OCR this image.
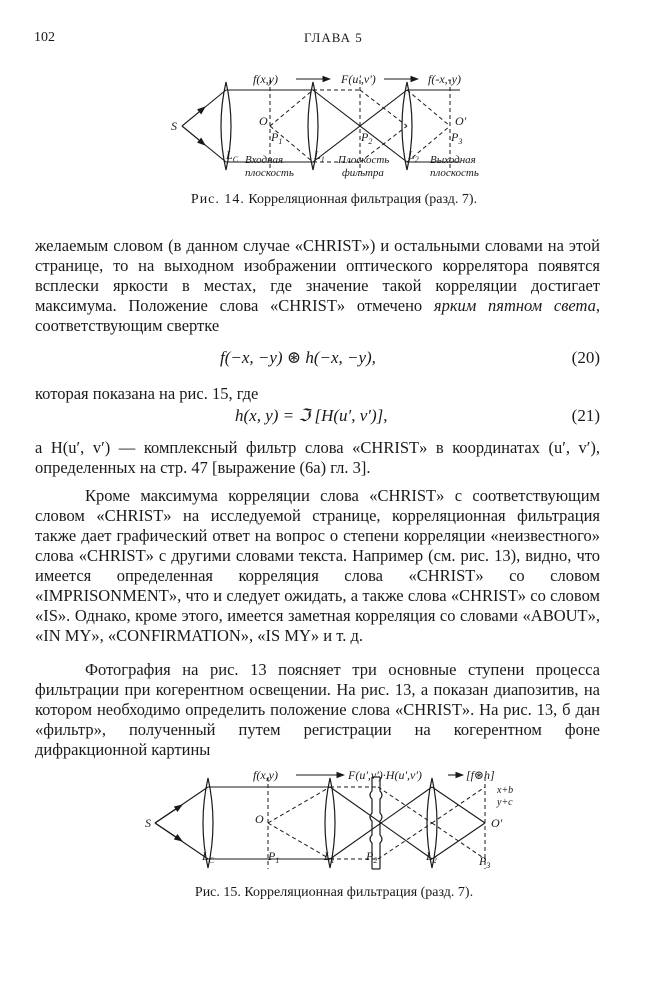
102	ГЛАВА 5
f(x,y)	F(u',v')	f(-x,-y)
S	O	O'
$P_1$	$P_2$	$P_3$
$L_C$	$L_1$	$L_2$
Входная
плоскость
Плоскость
фильтра
Выходная
плоскость
Рис. 14. Корреляционная фильтрация (разд. 7).

желаемым словом (в данном случае «CHRIST») и остальными словами на этой странице, то на выходном изображении оптического коррелятора появятся всплески яркости в местах, где значение такой корреляции достигает максимума. Положение слова «CHRIST» отмечено ярким пятном света, соответствующим свертке

f(−x, −y) ⊛ h(−x, −y),	(20)

которая показана на рис. 15, где

h(x, y) = ℑ [H(u′, v′)],	(21)

а H(u′, v′) — комплексный фильтр слова «CHRIST» в координатах (u′, v′), определенных на стр. 47 [выражение (6а) гл. 3].

Кроме максимума корреляции слова «CHRIST» с соответствующим словом «CHRIST» на исследуемой странице, корреляционная фильтрация также дает графический ответ на вопрос о степени корреляции «неизвестного» слова «CHRIST» с другими словами текста. Например (см. рис. 13), видно, что имеется определенная корреляция слова «CHRIST» со словом «IMPRISONMENT», что и следует ожидать, а также слова «CHRIST» со словом «IS». Однако, кроме этого, имеется заметная корреляция со словами «ABOUT», «IN MY», «CONFIRMATION», «IS MY» и т. д.

Фотография на рис. 13 поясняет три основные ступени процесса фильтрации при когерентном освещении. На рис. 13, а показан диапозитив, на котором необходимо определить положение слова «CHRIST». На рис. 13, б дан «фильтр», полученный путем регистрации на когерентном фоне дифракционной картины

f(x,y)	F(u',v')·H(u',v')	[f⊛h]
x+b
y+c
S	O	O'
$L_C$	$P_1$	$L_1$	$P_2$	$L_2$	$P_3$
Рис. 15. Корреляционная фильтрация (разд. 7).
